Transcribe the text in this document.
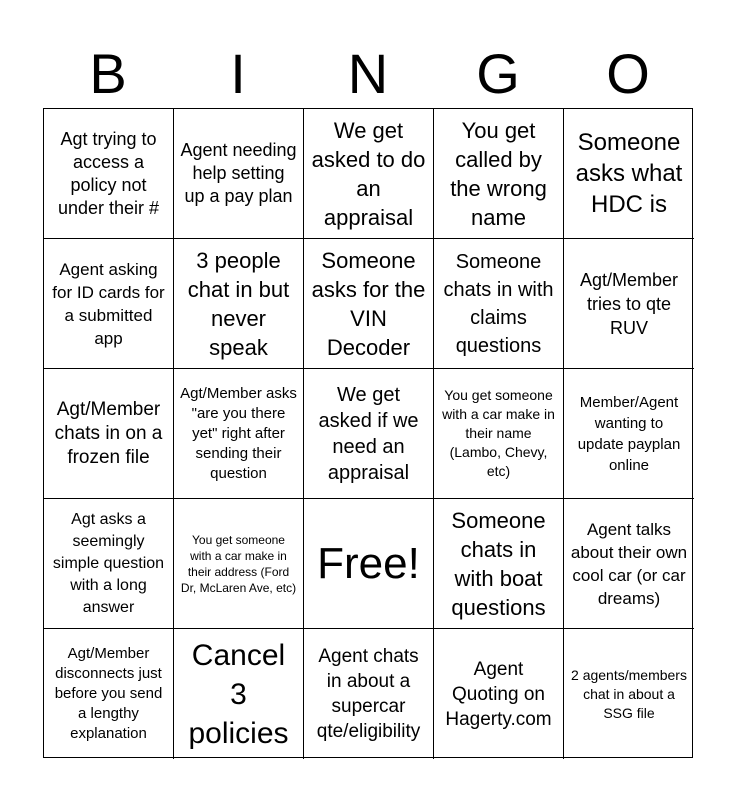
B	I	N	G	O
Agt trying to access a policy not under their #
Agent needing help setting up a pay plan
We get asked to do an appraisal
You get called by the wrong name
Someone asks what HDC is
Agent asking for ID cards for a submitted app
3 people chat in but never speak
Someone asks for the VIN Decoder
Someone chats in with claims questions
Agt/Member tries to qte RUV
Agt/Member chats in on a frozen file
Agt/Member asks "are you there yet" right after sending their question
We get asked if we need an appraisal
You get someone with a car make in their name (Lambo, Chevy, etc)
Member/Agent wanting to update payplan online
Agt asks a seemingly simple question with a long answer
You get someone with a car make in their address (Ford Dr, McLaren Ave, etc) Free!
Someone chats in with boat questions
Agent talks about their own cool car (or car dreams)
Agt/Member disconnects just before you send a lengthy explanation
Cancel 3 policies
Agent chats in about a supercar qte/eligibility
Agent Quoting on Hagerty.com
2 agents/members chat in about a SSG file
